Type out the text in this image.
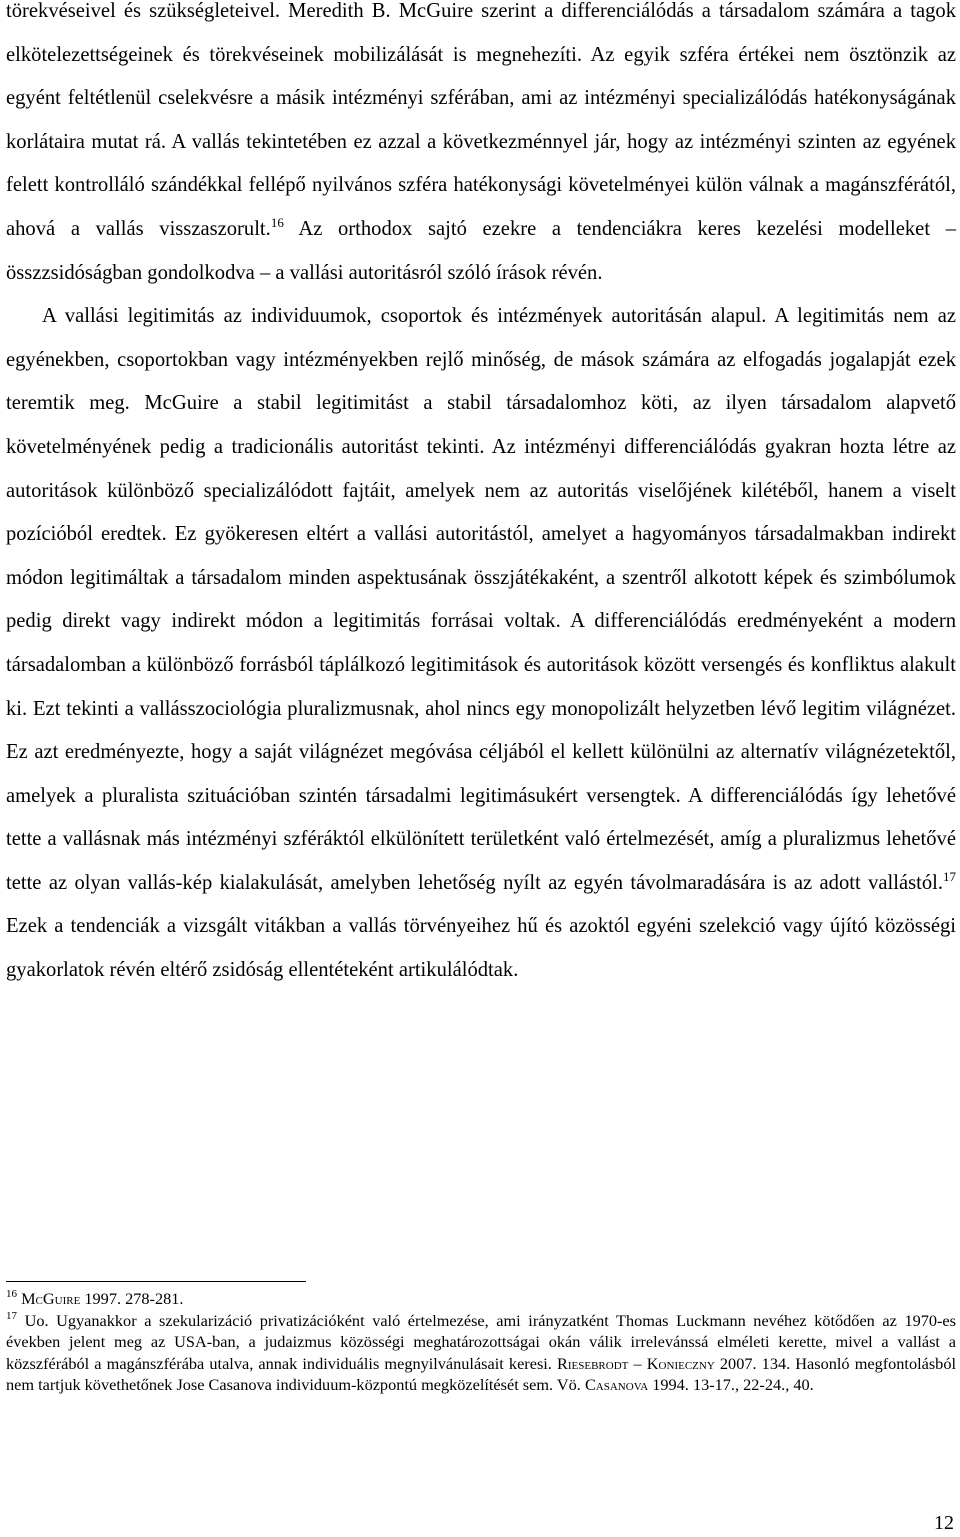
törekvéseivel és szükségleteivel. Meredith B. McGuire szerint a differenciálódás a társadalom számára a tagok elkötelezettségeinek és törekvéseinek mobilizálását is megnehezíti. Az egyik szféra értékei nem ösztönzik az egyént feltétlenül cselekvésre a másik intézményi szférában, ami az intézményi specializálódás hatékonyságának korlátaira mutat rá. A vallás tekintetében ez azzal a következménnyel jár, hogy az intézményi szinten az egyének felett kontrolláló szándékkal fellépő nyilvános szféra hatékonysági követelményei külön válnak a magánszférától, ahová a vallás visszaszorult.$^{16}$ Az orthodox sajtó ezekre a tendenciákra keres kezelési modelleket – összzsidóságban gondolkodva – a vallási autoritásról szóló írások révén.

A vallási legitimitás az individuumok, csoportok és intézmények autoritásán alapul. A legitimitás nem az egyénekben, csoportokban vagy intézményekben rejlő minőség, de mások számára az elfogadás jogalapját ezek teremtik meg. McGuire a stabil legitimitást a stabil társadalomhoz köti, az ilyen társadalom alapvető követelményének pedig a tradicionális autoritást tekinti. Az intézményi differenciálódás gyakran hozta létre az autoritások különböző specializálódott fajtáit, amelyek nem az autoritás viselőjének kilétéből, hanem a viselt pozícióból eredtek. Ez gyökeresen eltért a vallási autoritástól, amelyet a hagyományos társadalmakban indirekt módon legitimáltak a társadalom minden aspektusának összjátékaként, a szentről alkotott képek és szimbólumok pedig direkt vagy indirekt módon a legitimitás forrásai voltak. A differenciálódás eredményeként a modern társadalomban a különböző forrásból táplálkozó legitimitások és autoritások között versengés és konfliktus alakult ki. Ezt tekinti a vallásszociológia pluralizmusnak, ahol nincs egy monopolizált helyzetben lévő legitim világnézet. Ez azt eredményezte, hogy a saját világnézet megóvása céljából el kellett különülni az alternatív világnézetektől, amelyek a pluralista szituációban szintén társadalmi legitimásukért versengtek. A differenciálódás így lehetővé tette a vallásnak más intézményi szféráktól elkülönített területként való értelmezését, amíg a pluralizmus lehetővé tette az olyan vallás-kép kialakulását, amelyben lehetőség nyílt az egyén távolmaradására is az adott vallástól.$^{17}$ Ezek a tendenciák a vizsgált vitákban a vallás törvényeihez hű és azoktól egyéni szelekció vagy újító közösségi gyakorlatok révén eltérő zsidóság ellentéteként artikulálódtak.

$^{16}$ McGuire 1997. 278-281.

$^{17}$ Uo. Ugyanakkor a szekularizáció privatizációként való értelmezése, ami irányzatként Thomas Luckmann nevéhez kötődően az 1970-es években jelent meg az USA-ban, a judaizmus közösségi meghatározottságai okán válik irrelevánssá elméleti kerette, mivel a vallást a közszférából a magánszférába utalva, annak individuális megnyilvánulásait keresi. Riesebrodt – Konieczny 2007. 134. Hasonló megfontolásból nem tartjuk követhetőnek Jose Casanova individuum-központú megközelítését sem. Vö. Casanova 1994. 13-17., 22-24., 40.

12
